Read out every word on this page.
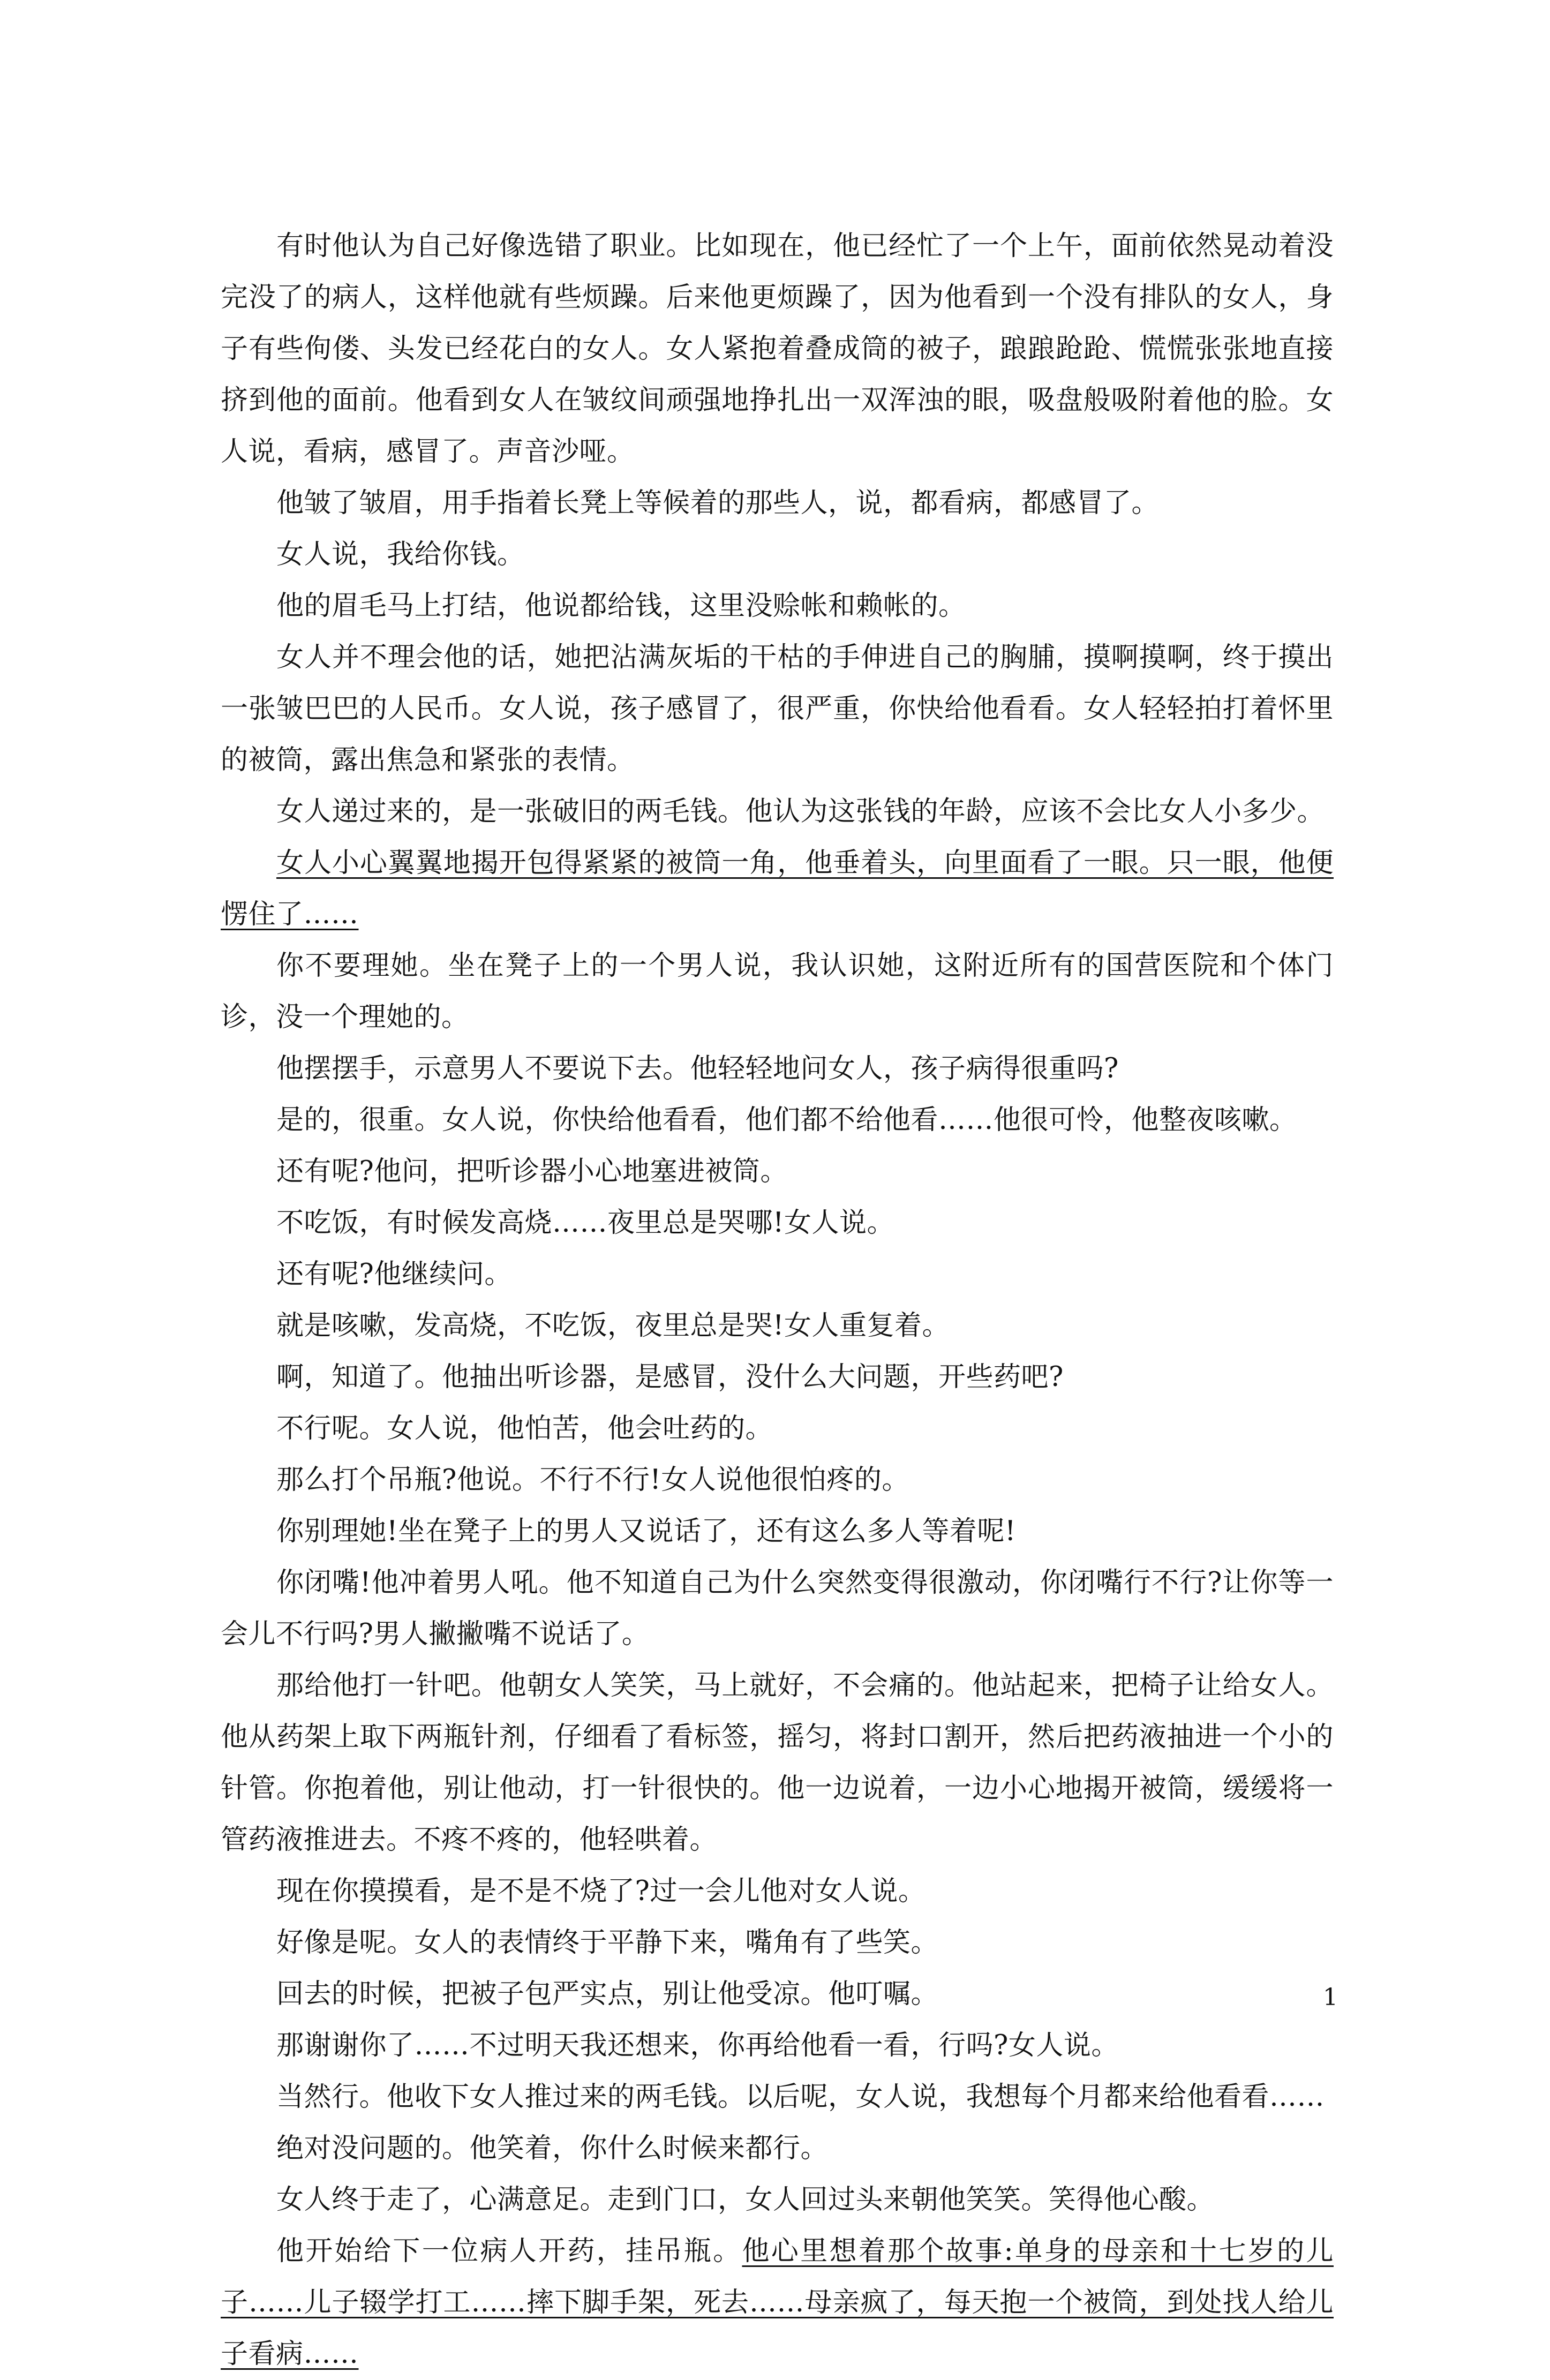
有时他认为自己好像选错了职业。比如现在，他已经忙了一个上午，面前依然晃动着没完没了的病人，这样他就有些烦躁。后来他更烦躁了，因为他看到一个没有排队的女人，身子有些佝偻、头发已经花白的女人。女人紧抱着叠成筒的被子，踉踉跄跄、慌慌张张地直接挤到他的面前。他看到女人在皱纹间顽强地挣扎出一双浑浊的眼，吸盘般吸附着他的脸。女人说，看病，感冒了。声音沙哑。

他皱了皱眉，用手指着长凳上等候着的那些人，说，都看病，都感冒了。

女人说，我给你钱。

他的眉毛马上打结，他说都给钱，这里没赊帐和赖帐的。

女人并不理会他的话，她把沾满灰垢的干枯的手伸进自己的胸脯，摸啊摸啊，终于摸出一张皱巴巴的人民币。女人说，孩子感冒了，很严重，你快给他看看。女人轻轻拍打着怀里的被筒，露出焦急和紧张的表情。

女人递过来的，是一张破旧的两毛钱。他认为这张钱的年龄，应该不会比女人小多少。

女人小心翼翼地揭开包得紧紧的被筒一角，他垂着头，向里面看了一眼。只一眼，他便愣住了……

你不要理她。坐在凳子上的一个男人说，我认识她，这附近所有的国营医院和个体门诊，没一个理她的。

他摆摆手，示意男人不要说下去。他轻轻地问女人，孩子病得很重吗?

是的，很重。女人说，你快给他看看，他们都不给他看……他很可怜，他整夜咳嗽。

还有呢?他问，把听诊器小心地塞进被筒。

不吃饭，有时候发高烧……夜里总是哭哪!女人说。

还有呢?他继续问。

就是咳嗽，发高烧，不吃饭，夜里总是哭!女人重复着。

啊，知道了。他抽出听诊器，是感冒，没什么大问题，开些药吧?

不行呢。女人说，他怕苦，他会吐药的。

那么打个吊瓶?他说。不行不行!女人说他很怕疼的。

你别理她!坐在凳子上的男人又说话了，还有这么多人等着呢!

你闭嘴!他冲着男人吼。他不知道自己为什么突然变得很激动，你闭嘴行不行?让你等一会儿不行吗?男人撇撇嘴不说话了。

那给他打一针吧。他朝女人笑笑，马上就好，不会痛的。他站起来，把椅子让给女人。他从药架上取下两瓶针剂，仔细看了看标签，摇匀，将封口割开，然后把药液抽进一个小的针管。你抱着他，别让他动，打一针很快的。他一边说着，一边小心地揭开被筒，缓缓将一管药液推进去。不疼不疼的，他轻哄着。

现在你摸摸看，是不是不烧了?过一会儿他对女人说。

好像是呢。女人的表情终于平静下来，嘴角有了些笑。

回去的时候，把被子包严实点，别让他受凉。他叮嘱。

那谢谢你了……不过明天我还想来，你再给他看一看，行吗?女人说。

当然行。他收下女人推过来的两毛钱。以后呢，女人说，我想每个月都来给他看看……

绝对没问题的。他笑着，你什么时候来都行。

女人终于走了，心满意足。走到门口，女人回过头来朝他笑笑。笑得他心酸。

他开始给下一位病人开药，挂吊瓶。他心里想着那个故事:单身的母亲和十七岁的儿子……儿子辍学打工……摔下脚手架，死去……母亲疯了，每天抱一个被筒，到处找人给儿子看病……

1
